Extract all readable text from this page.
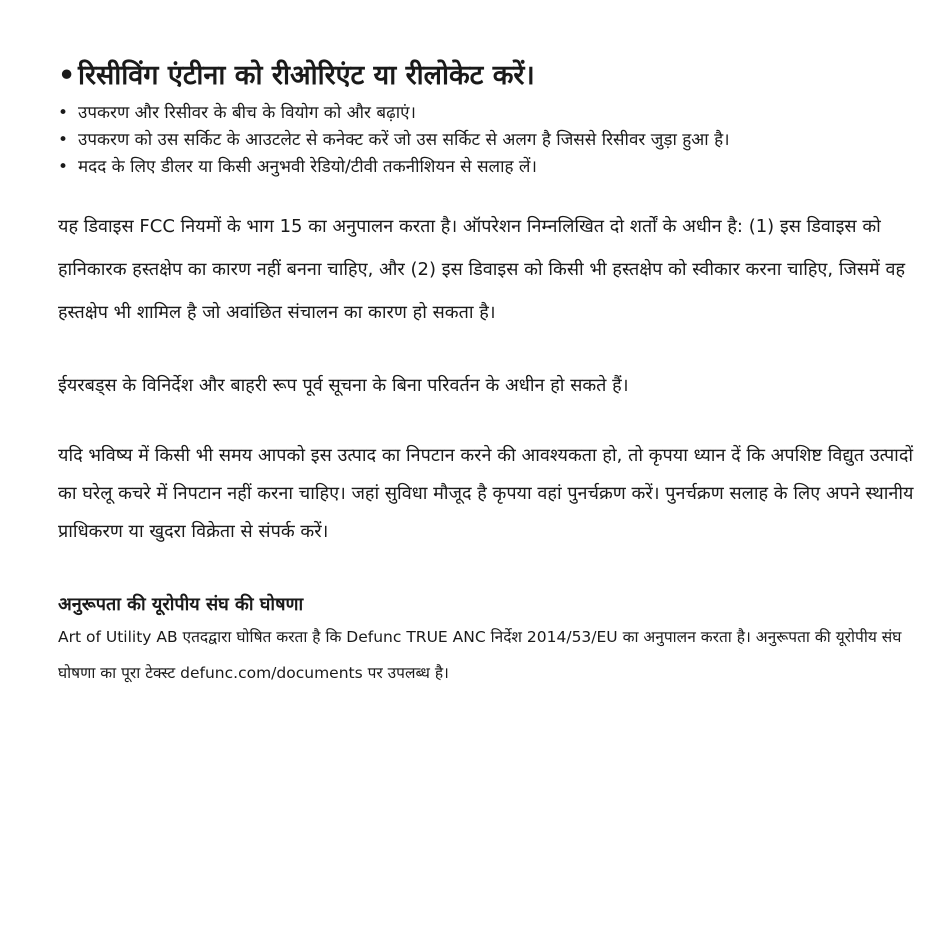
• रिसीविंग एंटीना को रीओरिएंट या रीलोकेट करें।
• उपकरण और रिसीवर के बीच के वियोग को और बढ़ाएं।
• उपकरण को उस सर्किट के आउटलेट से कनेक्ट करें जो उस सर्किट से अलग है जिससे रिसीवर जुड़ा हुआ है।
• मदद के लिए डीलर या किसी अनुभवी रेडियो/टीवी तकनीशियन से सलाह लें।

यह डिवाइस FCC नियमों के भाग 15 का अनुपालन करता है। ऑपरेशन निम्नलिखित दो शर्तों के अधीन है: (1) इस डिवाइस को हानिकारक हस्तक्षेप का कारण नहीं बनना चाहिए, और (2) इस डिवाइस को किसी भी हस्तक्षेप को स्वीकार करना चाहिए, जिसमें वह हस्तक्षेप भी शामिल है जो अवांछित संचालन का कारण हो सकता है।

ईयरबड्स के विनिर्देश और बाहरी रूप पूर्व सूचना के बिना परिवर्तन के अधीन हो सकते हैं।

यदि भविष्य में किसी भी समय आपको इस उत्पाद का निपटान करने की आवश्यकता हो, तो कृपया ध्यान दें कि अपशिष्ट विद्युत उत्पादों का घरेलू कचरे में निपटान नहीं करना चाहिए। जहां सुविधा मौजूद है कृपया वहां पुनर्चक्रण करें। पुनर्चक्रण सलाह के लिए अपने स्थानीय प्राधिकरण या खुदरा विक्रेता से संपर्क करें।

अनुरूपता की यूरोपीय संघ की घोषणा

Art of Utility AB एतदद्वारा घोषित करता है कि Defunc TRUE ANC निर्देश 2014/53/EU का अनुपालन करता है। अनुरूपता की यूरोपीय संघ घोषणा का पूरा टेक्स्ट defunc.com/documents पर उपलब्ध है।
